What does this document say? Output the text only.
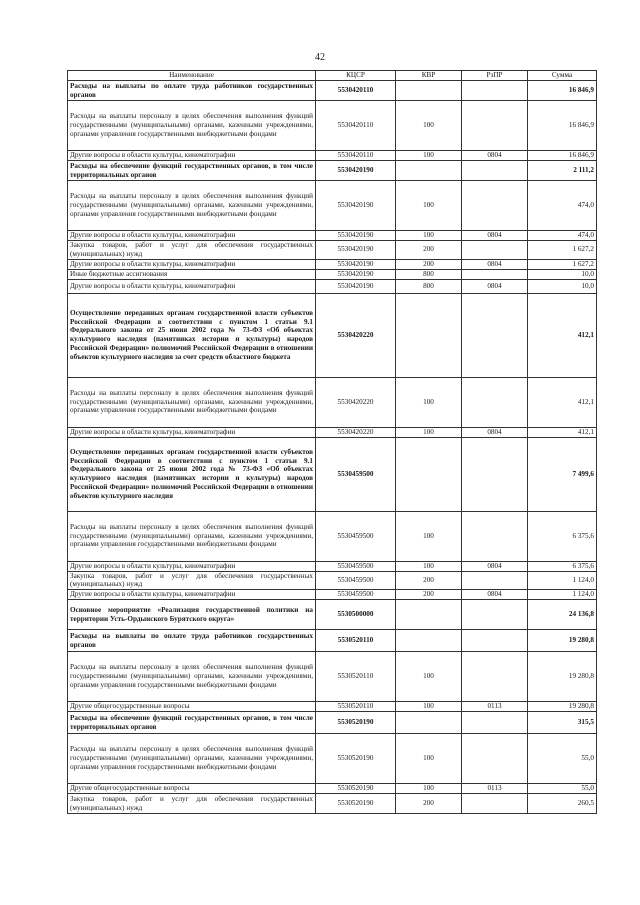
42
Наименование	КЦСР	КВР	РзПР	Сумма
Расходы на выплаты по оплате труда работников государственных органов	5530420110			16 846,9
Расходы на выплаты персоналу в целях обеспечения выполнения функций государственными (муниципальными) органами, казенными учреждениями, органами управления государственными внебюджетными фондами	5530420110	100		16 846,9
Другие вопросы в области культуры, кинематографии	5530420110	100	0804	16 846,9
Расходы на обеспечение функций государственных органов, в том числе территориальных органов	5530420190			2 111,2
Расходы на выплаты персоналу в целях обеспечения выполнения функций государственными (муниципальными) органами, казенными учреждениями, органами управления государственными внебюджетными фондами	5530420190	100		474,0
Другие вопросы в области культуры, кинематографии	5530420190	100	0804	474,0
Закупка товаров, работ и услуг для обеспечения государственных (муниципальных) нужд	5530420190	200		1 627,2
Другие вопросы в области культуры, кинематографии	5530420190	200	0804	1 627,2
Иные бюджетные ассигнования	5530420190	800		10,0
Другие вопросы в области культуры, кинематографии	5530420190	800	0804	10,0
Осуществление переданных органам государственной власти субъектов Российской Федерации в соответствии с пунктом 1 статьи 9.1 Федерального закона от 25 июня 2002 года № 73-ФЗ «Об объектах культурного наследия (памятниках истории и культуры) народов Российской Федерации» полномочий Российской Федерации в отношении объектов культурного наследия за счет средств областного бюджета	5530420220			412,1
Расходы на выплаты персоналу в целях обеспечения выполнения функций государственными (муниципальными) органами, казенными учреждениями, органами управления государственными внебюджетными фондами	5530420220	100		412,1
Другие вопросы в области культуры, кинематографии	5530420220	100	0804	412,1
Осуществление переданных органам государственной власти субъектов Российской Федерации в соответствии с пунктом 1 статьи 9.1 Федерального закона от 25 июня 2002 года № 73-ФЗ «Об объектах культурного наследия (памятниках истории и культуры) народов Российской Федерации» полномочий Российской Федерации в отношении объектов культурного наследия	5530459500			7 499,6
Расходы на выплаты персоналу в целях обеспечения выполнения функций государственными (муниципальными) органами, казенными учреждениями, органами управления государственными внебюджетными фондами	5530459500	100		6 375,6
Другие вопросы в области культуры, кинематографии	5530459500	100	0804	6 375,6
Закупка товаров, работ и услуг для обеспечения государственных (муниципальных) нужд	5530459500	200		1 124,0
Другие вопросы в области культуры, кинематографии	5530459500	200	0804	1 124,0
Основное мероприятие «Реализация государственной политики на территории Усть-Ордынского Бурятского округа»	5530500000			24 136,8
Расходы на выплаты по оплате труда работников государственных органов	5530520110			19 280,8
Расходы на выплаты персоналу в целях обеспечения выполнения функций государственными (муниципальными) органами, казенными учреждениями, органами управления государственными внебюджетными фондами	5530520110	100		19 280,8
Другие общегосударственные вопросы	5530520110	100	0113	19 280,8
Расходы на обеспечение функций государственных органов, в том числе территориальных органов	5530520190			315,5
Расходы на выплаты персоналу в целях обеспечения выполнения функций государственными (муниципальными) органами, казенными учреждениями, органами управления государственными внебюджетными фондами	5530520190	100		55,0
Другие общегосударственные вопросы	5530520190	100	0113	55,0
Закупка товаров, работ и услуг для обеспечения государственных (муниципальных) нужд	5530520190	200		260,5
